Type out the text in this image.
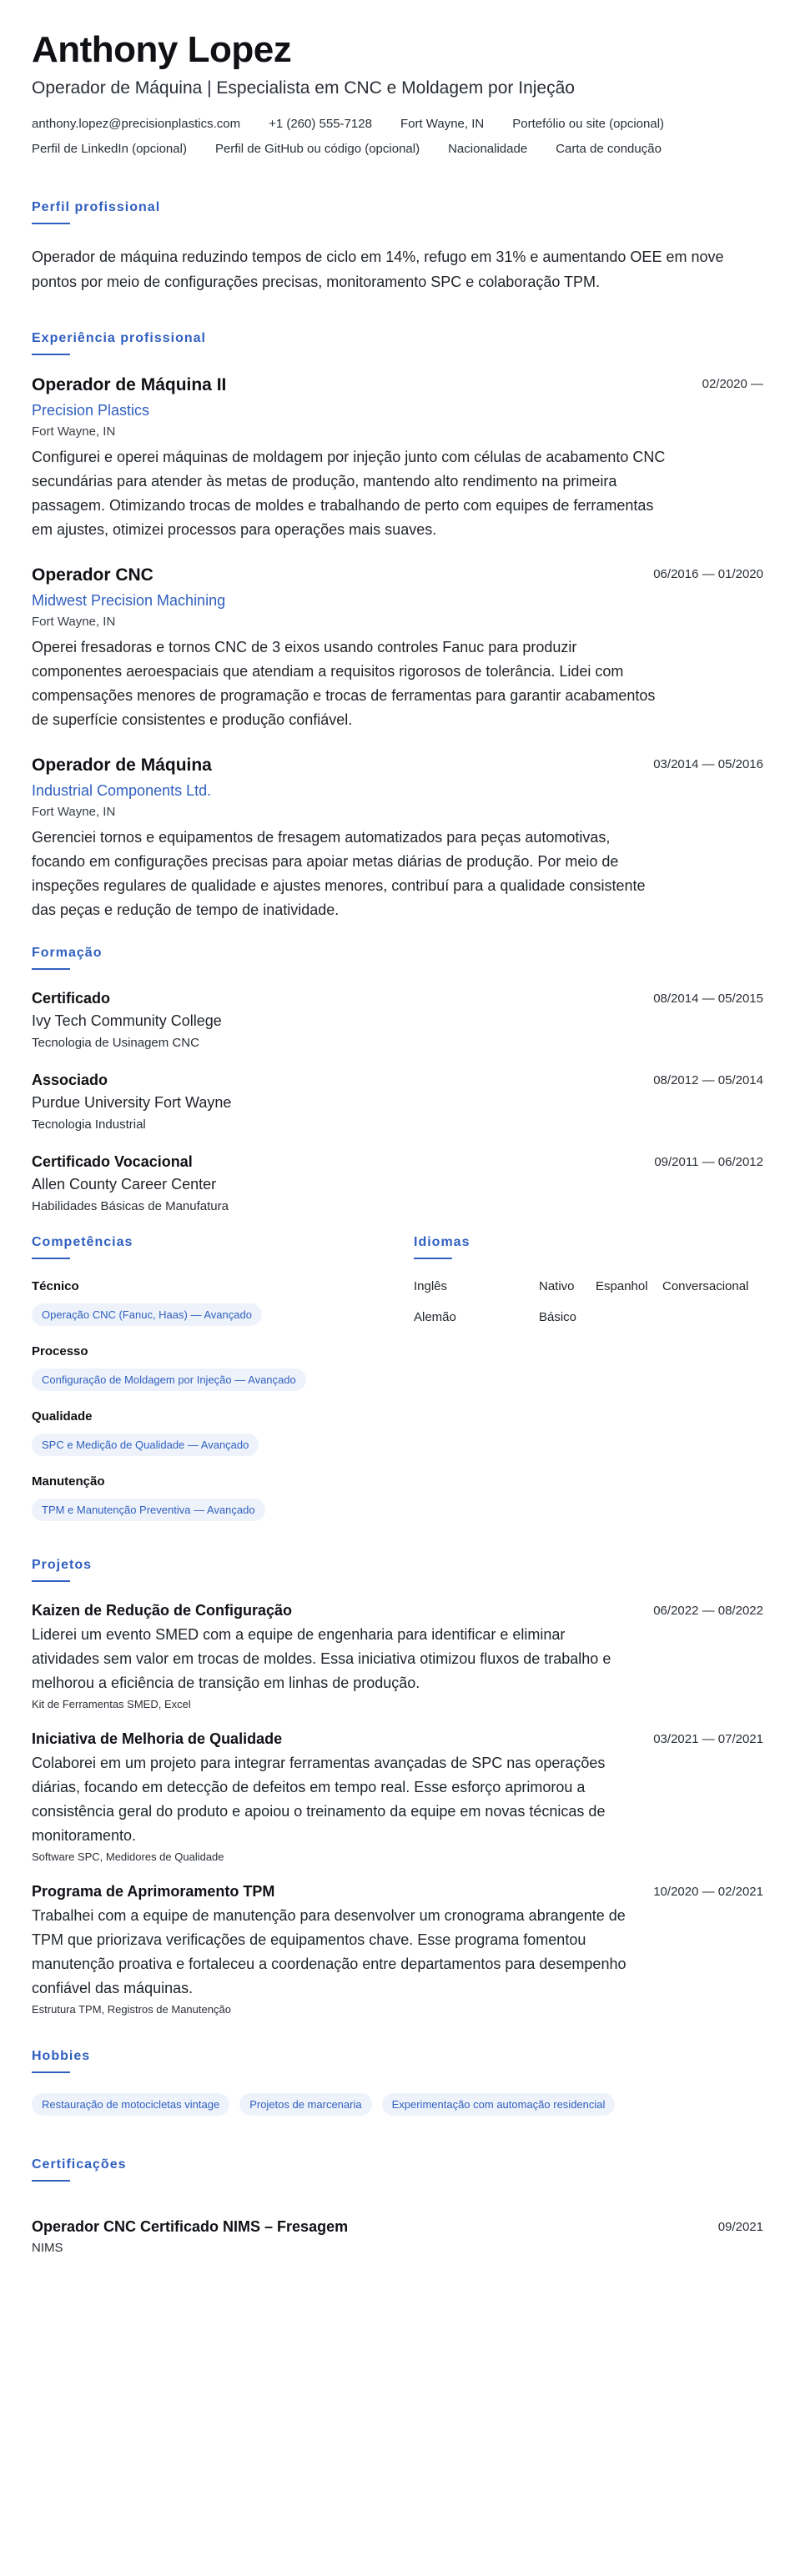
Anthony Lopez
Operador de Máquina | Especialista em CNC e Moldagem por Injeção
anthony.lopez@precisionplastics.com +1 (260) 555-7128 Fort Wayne, IN Portefólio ou site (opcional)
Perfil de LinkedIn (opcional) Perfil de GitHub ou código (opcional) Nacionalidade Carta de condução
Perfil profissional
Operador de máquina reduzindo tempos de ciclo em 14%, refugo em 31% e aumentando OEE em nove pontos por meio de configurações precisas, monitoramento SPC e colaboração TPM.
Experiência profissional
02/2020 —
Operador de Máquina II
Precision Plastics
Fort Wayne, IN
Configurei e operei máquinas de moldagem por injeção junto com células de acabamento CNC secundárias para atender às metas de produção, mantendo alto rendimento na primeira passagem. Otimizando trocas de moldes e trabalhando de perto com equipes de ferramentas em ajustes, otimizei processos para operações mais suaves.
06/2016 — 01/2020
Operador CNC
Midwest Precision Machining
Fort Wayne, IN
Operei fresadoras e tornos CNC de 3 eixos usando controles Fanuc para produzir componentes aeroespaciais que atendiam a requisitos rigorosos de tolerância. Lidei com compensações menores de programação e trocas de ferramentas para garantir acabamentos de superfície consistentes e produção confiável.
03/2014 — 05/2016
Operador de Máquina
Industrial Components Ltd.
Fort Wayne, IN
Gerenciei tornos e equipamentos de fresagem automatizados para peças automotivas, focando em configurações precisas para apoiar metas diárias de produção. Por meio de inspeções regulares de qualidade e ajustes menores, contribuí para a qualidade consistente das peças e redução de tempo de inatividade.
Formação
08/2014 — 05/2015
Certificado
Ivy Tech Community College
Tecnologia de Usinagem CNC
08/2012 — 05/2014
Associado
Purdue University Fort Wayne
Tecnologia Industrial
09/2011 — 06/2012
Certificado Vocacional
Allen County Career Center
Habilidades Básicas de Manufatura
Competências
Técnico
Operação CNC (Fanuc, Haas) — Avançado
Processo
Configuração de Moldagem por Injeção — Avançado
Qualidade
SPC e Medição de Qualidade — Avançado
Manutenção
TPM e Manutenção Preventiva — Avançado
Idiomas
Inglês	Nativo	Espanhol	Conversacional
Alemão	Básico
Projetos
06/2022 — 08/2022
Kaizen de Redução de Configuração
Liderei um evento SMED com a equipe de engenharia para identificar e eliminar atividades sem valor em trocas de moldes. Essa iniciativa otimizou fluxos de trabalho e melhorou a eficiência de transição em linhas de produção.
Kit de Ferramentas SMED, Excel
03/2021 — 07/2021
Iniciativa de Melhoria de Qualidade
Colaborei em um projeto para integrar ferramentas avançadas de SPC nas operações diárias, focando em detecção de defeitos em tempo real. Esse esforço aprimorou a consistência geral do produto e apoiou o treinamento da equipe em novas técnicas de monitoramento.
Software SPC, Medidores de Qualidade
10/2020 — 02/2021
Programa de Aprimoramento TPM
Trabalhei com a equipe de manutenção para desenvolver um cronograma abrangente de TPM que priorizava verificações de equipamentos chave. Esse programa fomentou manutenção proativa e fortaleceu a coordenação entre departamentos para desempenho confiável das máquinas.
Estrutura TPM, Registros de Manutenção
Hobbies
Restauração de motocicletas vintage	Projetos de marcenaria	Experimentação com automação residencial
Certificações
09/2021
Operador CNC Certificado NIMS – Fresagem
NIMS
